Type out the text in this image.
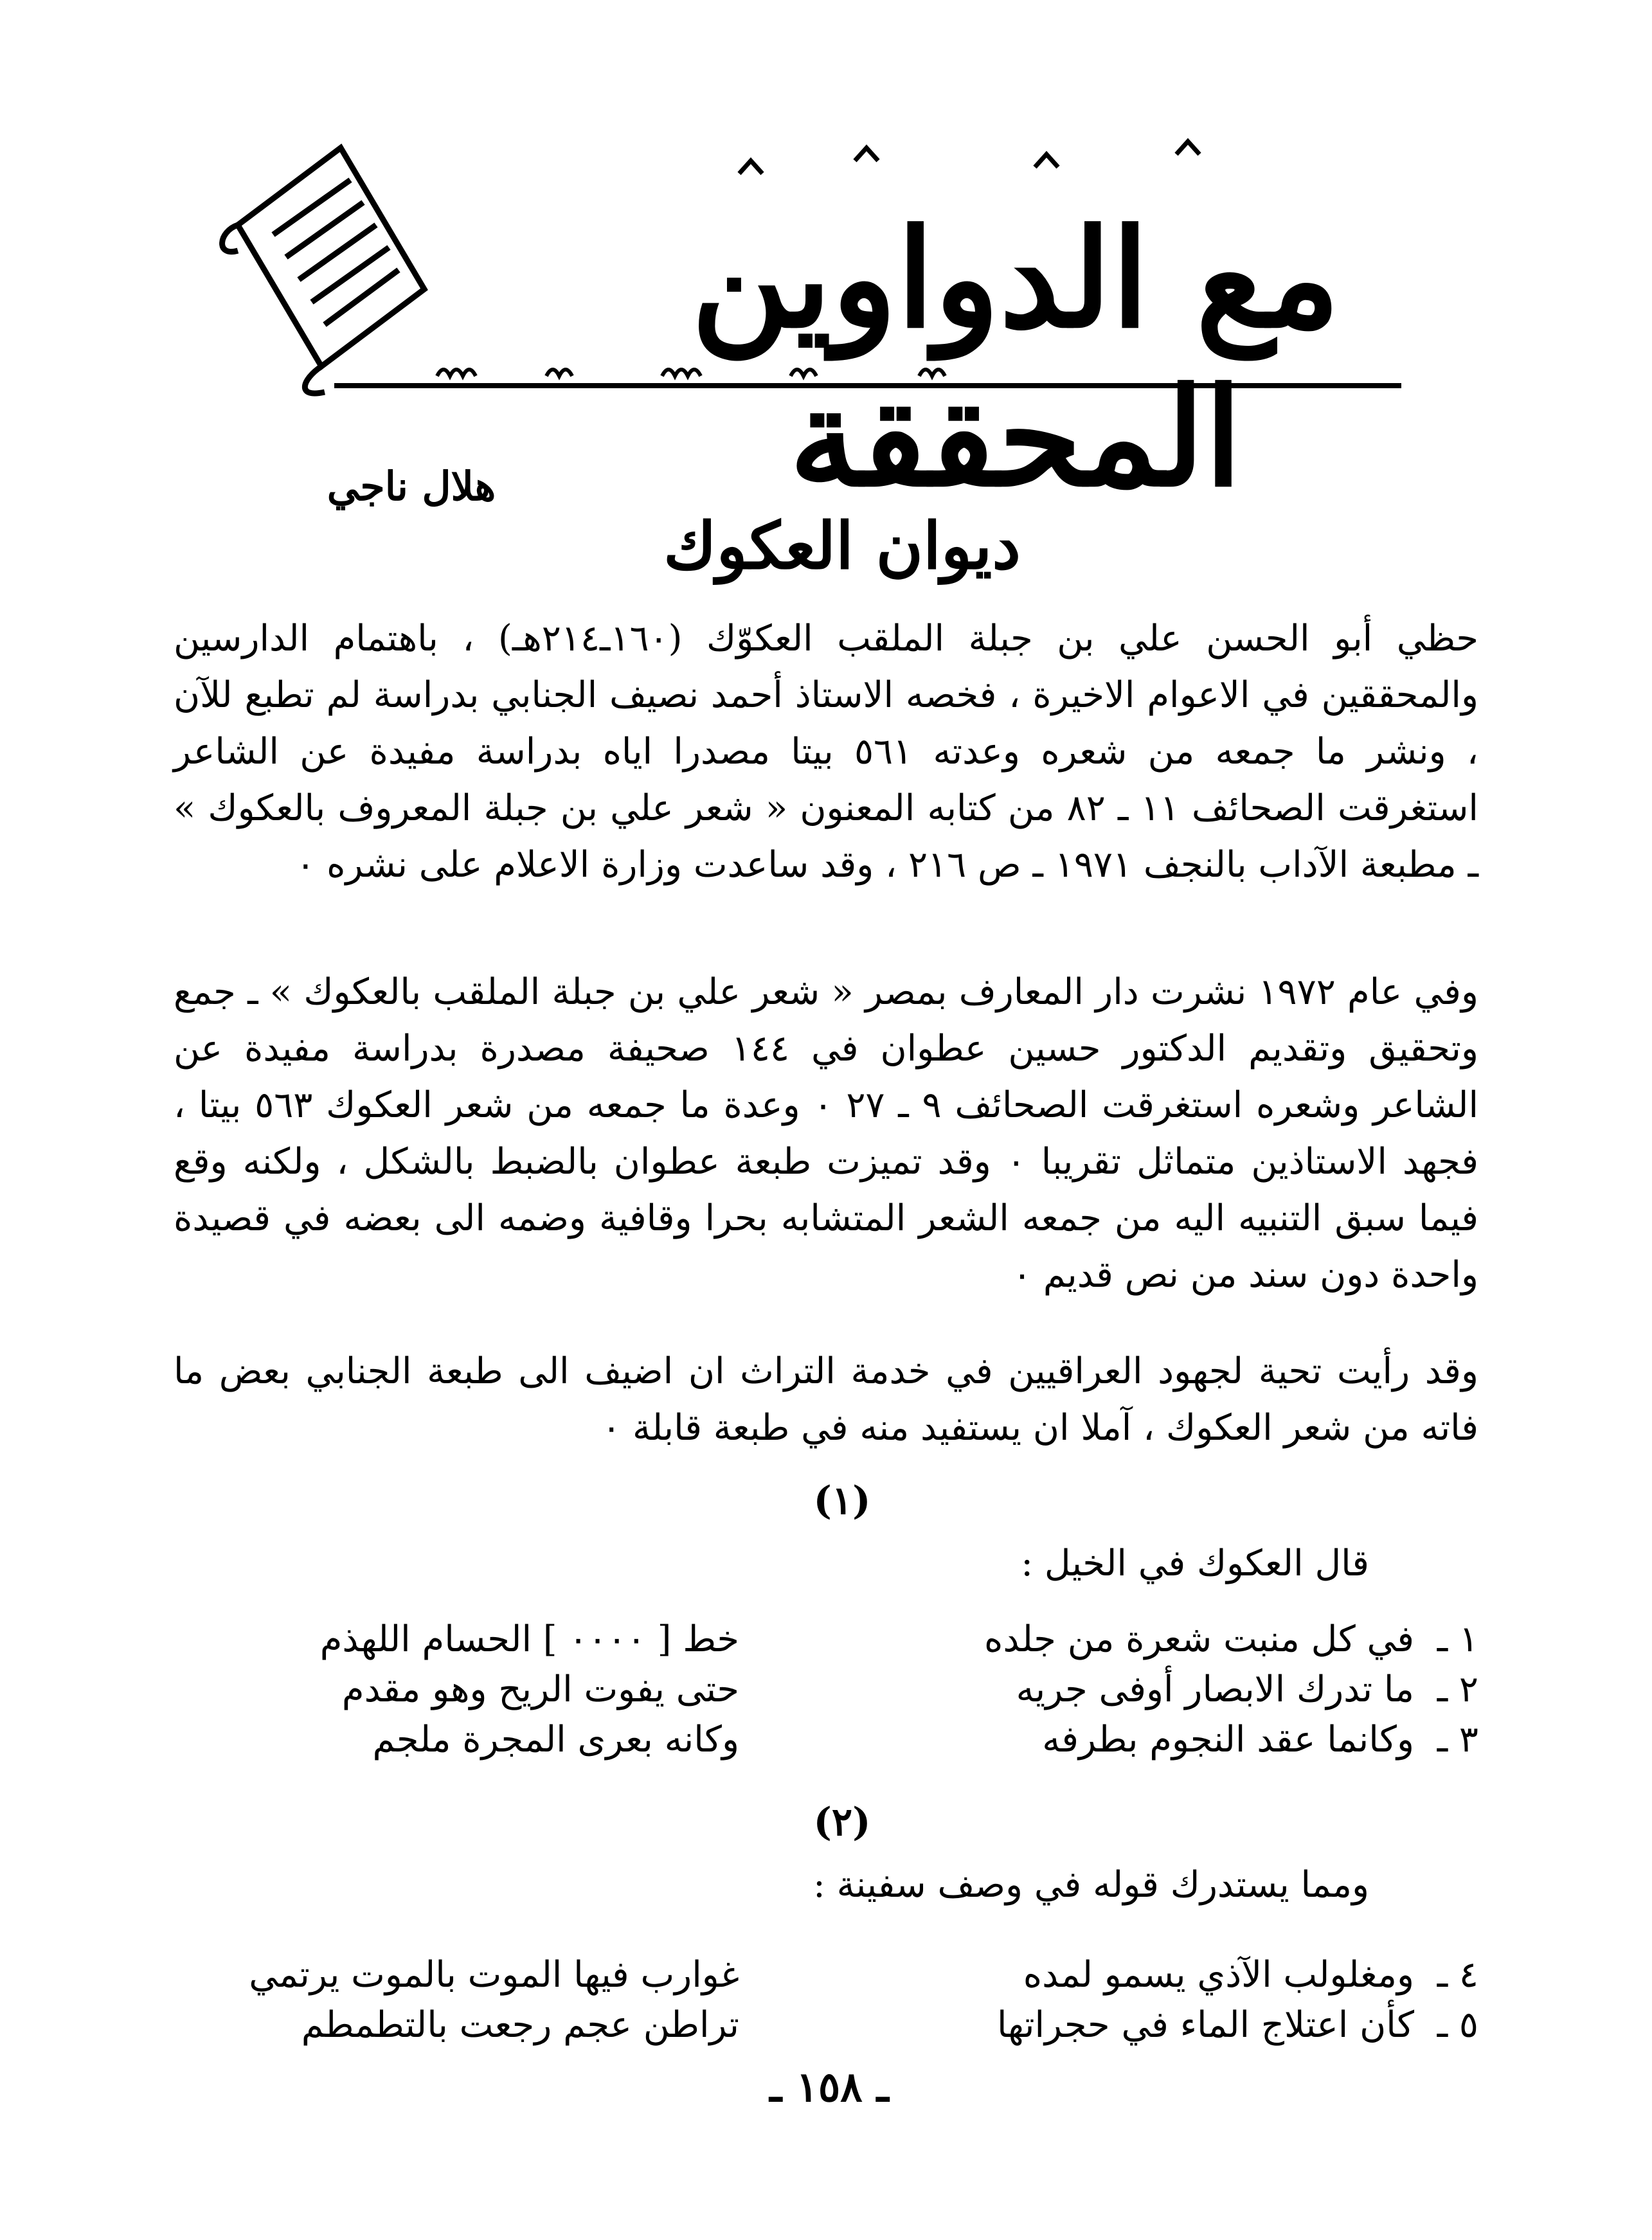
مع الدواوين المحققة
هلال ناجي
ديوان العكوك

حظي أبو الحسن علي بن جبلة الملقب العكوّك (١٦٠ـ٢١٤هـ) ، باهتمام الدارسين والمحققين في الاعوام الاخيرة ، فخصه الاستاذ أحمد نصيف الجنابي بدراسة لم تطبع للآن ، ونشر ما جمعه من شعره وعدته ٥٦١ بيتا مصدرا اياه بدراسة مفيدة عن الشاعر استغرقت الصحائف ١١ ـ ٨٢ من كتابه المعنون « شعر علي بن جبلة المعروف بالعكوك » ـ مطبعة الآداب بالنجف ١٩٧١ ـ ص ٢١٦ ، وقد ساعدت وزارة الاعلام على نشره ٠

وفي عام ١٩٧٢ نشرت دار المعارف بمصر « شعر علي بن جبلة الملقب بالعكوك » ـ جمع وتحقيق وتقديم الدكتور حسين عطوان في ١٤٤ صحيفة مصدرة بدراسة مفيدة عن الشاعر وشعره استغرقت الصحائف ٩ ـ ٢٧ ٠ وعدة ما جمعه من شعر العكوك ٥٦٣ بيتا ، فجهد الاستاذين متماثل تقريبا ٠ وقد تميزت طبعة عطوان بالضبط بالشكل ، ولكنه وقع فيما سبق التنبيه اليه من جمعه الشعر المتشابه بحرا وقافية وضمه الى بعضه في قصيدة واحدة دون سند من نص قديم ٠

وقد رأيت تحية لجهود العراقيين في خدمة التراث ان اضيف الى طبعة الجنابي بعض ما فاته من شعر العكوك ، آملا ان يستفيد منه في طبعة قابلة ٠

(١)
قال العكوك في الخيل :
١ ـ
في كل منبت شعرة من جلده
خط [ ٠٠٠٠ ] الحسام اللهذم
٢ ـ
ما تدرك الابصار أوفى جريه
حتى يفوت الريح وهو مقدم
٣ ـ
وكانما عقد النجوم بطرفه
وكانه بعرى المجرة ملجم
(٢)
ومما يستدرك قوله في وصف سفينة :
٤ ـ
ومغلولب الآذي يسمو لمده
غوارب فيها الموت بالموت يرتمي
٥ ـ
كأن اعتلاج الماء في حجراتها
تراطن عجم رجعت بالتطمطم
ـ ١٥٨ ـ
